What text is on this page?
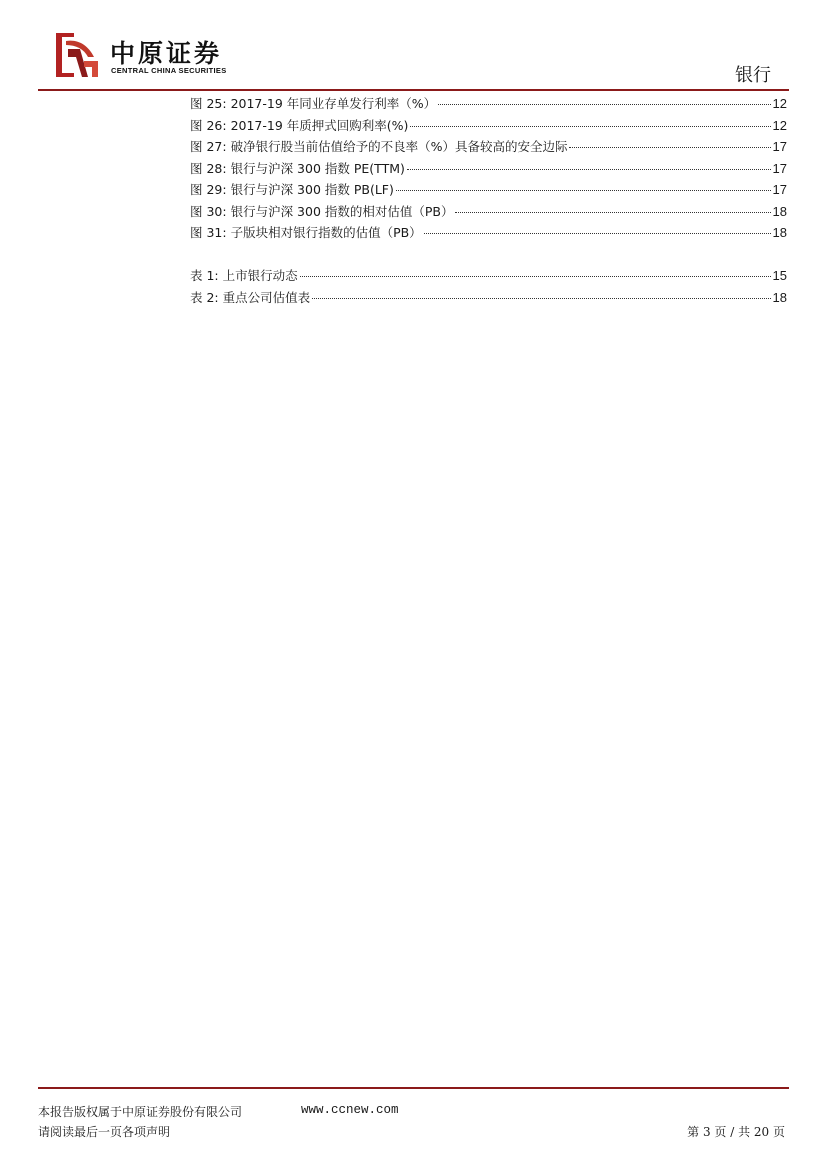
中原证券
CENTRAL CHINA SECURITIES	银行
图 25: 2017-19 年同业存单发行利率（%）	12
图 26: 2017-19 年质押式回购利率(%)	12
图 27: 破净银行股当前估值给予的不良率（%）具备较高的安全边际	17
图 28: 银行与沪深 300 指数 PE(TTM)	17
图 29: 银行与沪深 300 指数 PB(LF)	17
图 30: 银行与沪深 300 指数的相对估值（PB）	18
图 31: 子版块相对银行指数的估值（PB）	18
表 1: 上市银行动态	15
表 2: 重点公司估值表	18
本报告版权属于中原证券股份有限公司	www.ccnew.com
请阅读最后一页各项声明	第 3 页 / 共 20 页
